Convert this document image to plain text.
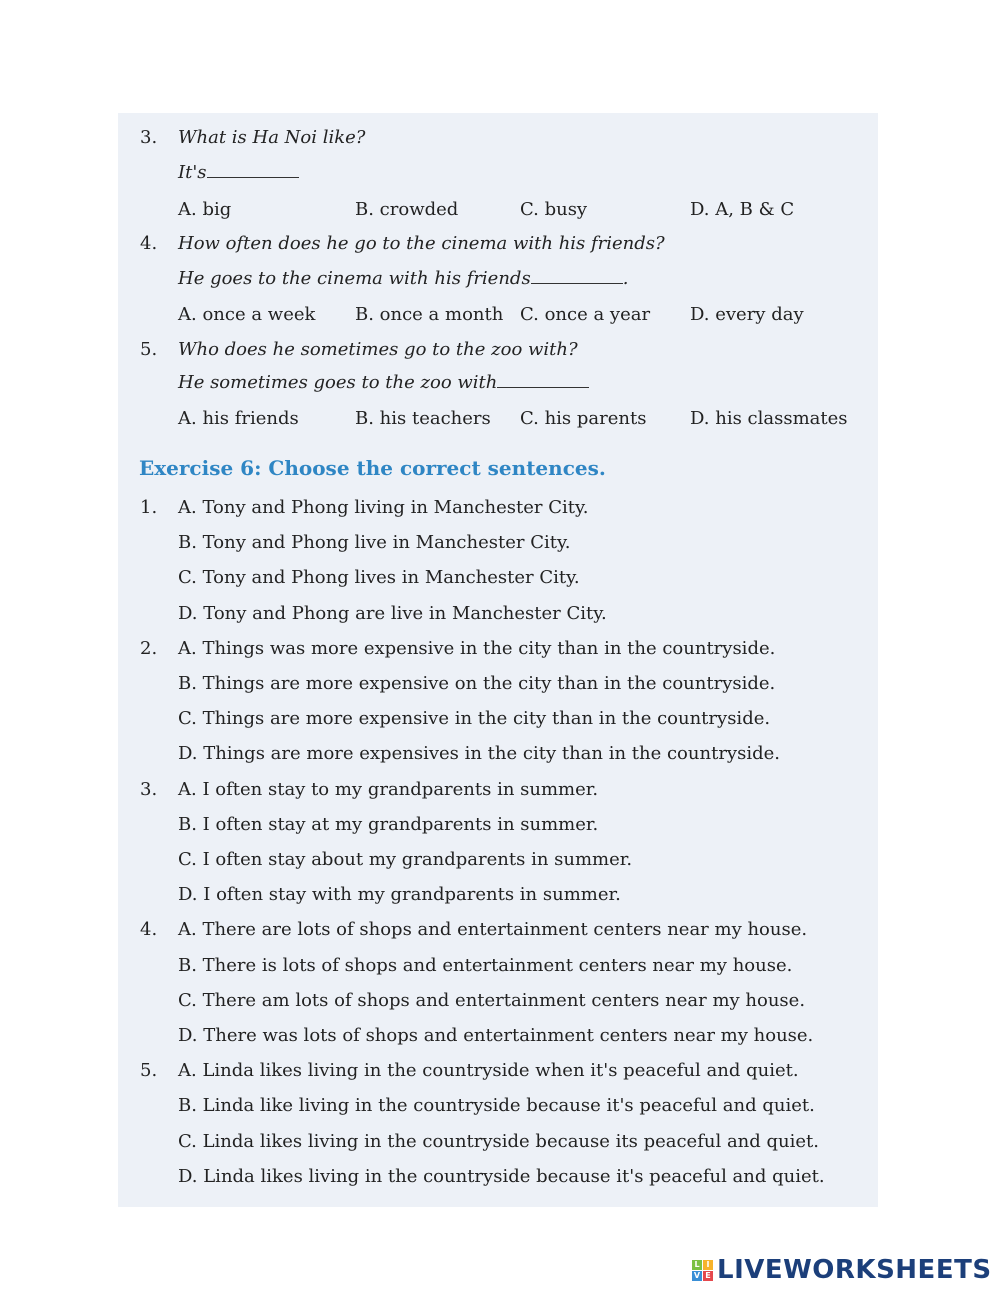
3. What is Ha Noi like?
It's
A. big	B. crowded	C. busy	D. A, B & C
4. How often does he go to the cinema with his friends?
He goes to the cinema with his friends	.
A. once a week B. once a month C. once a year D. every day
5. Who does he sometimes go to the zoo with?
He sometimes goes to the zoo with
A. his friends	B. his teachers C. his parents D. his classmates
Exercise 6: Choose the correct sentences.
1. A. Tony and Phong living in Manchester City.
B. Tony and Phong live in Manchester City.
C. Tony and Phong lives in Manchester City.
D. Tony and Phong are live in Manchester City.
2. A. Things was more expensive in the city than in the countryside.
B. Things are more expensive on the city than in the countryside.
C. Things are more expensive in the city than in the countryside.
D. Things are more expensives in the city than in the countryside.
3. A. I often stay to my grandparents in summer.
B. I often stay at my grandparents in summer.
C. I often stay about my grandparents in summer.
D. I often stay with my grandparents in summer.
4. A. There are lots of shops and entertainment centers near my house.
B. There is lots of shops and entertainment centers near my house.
C. There am lots of shops and entertainment centers near my house.
D. There was lots of shops and entertainment centers near my house.
5. A. Linda likes living in the countryside when it's peaceful and quiet.
B. Linda like living in the countryside because it's peaceful and quiet.
C. Linda likes living in the countryside because its peaceful and quiet.
D. Linda likes living in the countryside because it's peaceful and quiet.
L I
V E LIVEWORKSHEETS
